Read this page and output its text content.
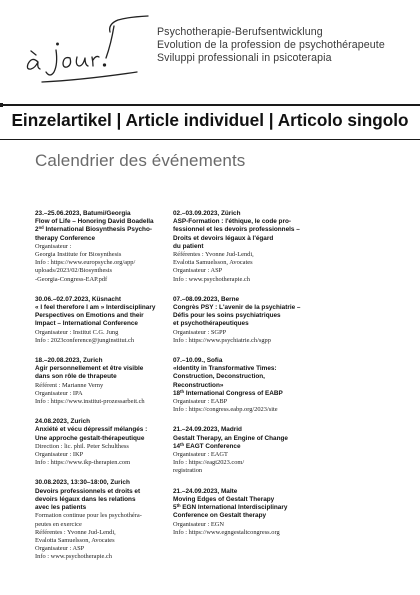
Psychotherapie-Berufsentwicklung
Evolution de la profession de psychothérapeute
Sviluppi professionali in psicoterapia
Einzelartikel | Article individuel | Articolo singolo
Calendrier des événements
23.–25.06.2023, Batumi/Georgia
Flow of Life – Honoring David Boadella
2nd International Biosynthesis Psycho-
therapy Conference
Organisateur :
Georgia Institute for Biosynthesis
Info : https://www.europsyche.org/app/
uploads/2023/02/Biosynthesis
-Georgia-Congress-EAP.pdf
30.06.–02.07.2023, Küsnacht
« I feel therefore I am » Interdisciplinary
Perspectives on Emotions and their
Impact – International Conference
Organisateur : Institut C.G. Jung
Info : 2023conference@junginstitut.ch
18.–20.08.2023, Zurich
Agir personnellement et être visible
dans son rôle de thrapeute
Référent : Marianne Verny
Organisateur : IPA
Info : https://www.institut-prozessarbeit.ch
24.08.2023, Zurich
Anxiété et vécu dépressif mélangés :
Une approche gestalt-thérapeutique
Direction : lic. phil. Peter Schulthess
Organisateur : IKP
Info : https://www.ikp-therapien.com
30.08.2023, 13:30–18:00, Zurich
Devoirs professionnels et droits et
devoirs légaux dans les relations
avec les patients
Formation continue pour les psychothéra-
peutes en exercice
Référentes : Yvonne Jud-Lendi,
Evalotta Samuelsson, Avocates
Organisateur : ASP
Info : www.psychotherapie.ch
02.–03.09.2023, Zürich
ASP-Formation : l'éthique, le code pro-
fessionnel et les devoirs professionnels –
Droits et devoirs légaux à l'égard
du patient
Référentes : Yvonne Jud-Lendi,
Evalotta Samuelsson, Avocates
Organisateur : ASP
Info : www.psychotherapie.ch
07.–08.09.2023, Berne
Congrès PSY : L'avenir de la psychiatrie –
Défis pour les soins psychiatriques
et psychothérapeutiques
Organisateur : SGPP
Info : https://www.psychiatrie.ch/sgpp
07.–10.09., Sofia
«Identity in Transformative Times:
Construction, Deconstruction,
Reconstruction»
18th International Congress of EABP
Organisateur : EABP
Info : https://congress.eabp.org/2023/site
21.–24.09.2023, Madrid
Gestalt Therapy, an Engine of Change
14th EAGT Conference
Organisateur : EAGT
Info : https://eagt2023.com/
registration
21.–24.09.2023, Malte
Moving Edges of Gestalt Therapy
5th EGN International Interdisciplinary
Conference on Gestalt therapy
Organisateur : EGN
Info : https://www.egngestaltcongress.org
